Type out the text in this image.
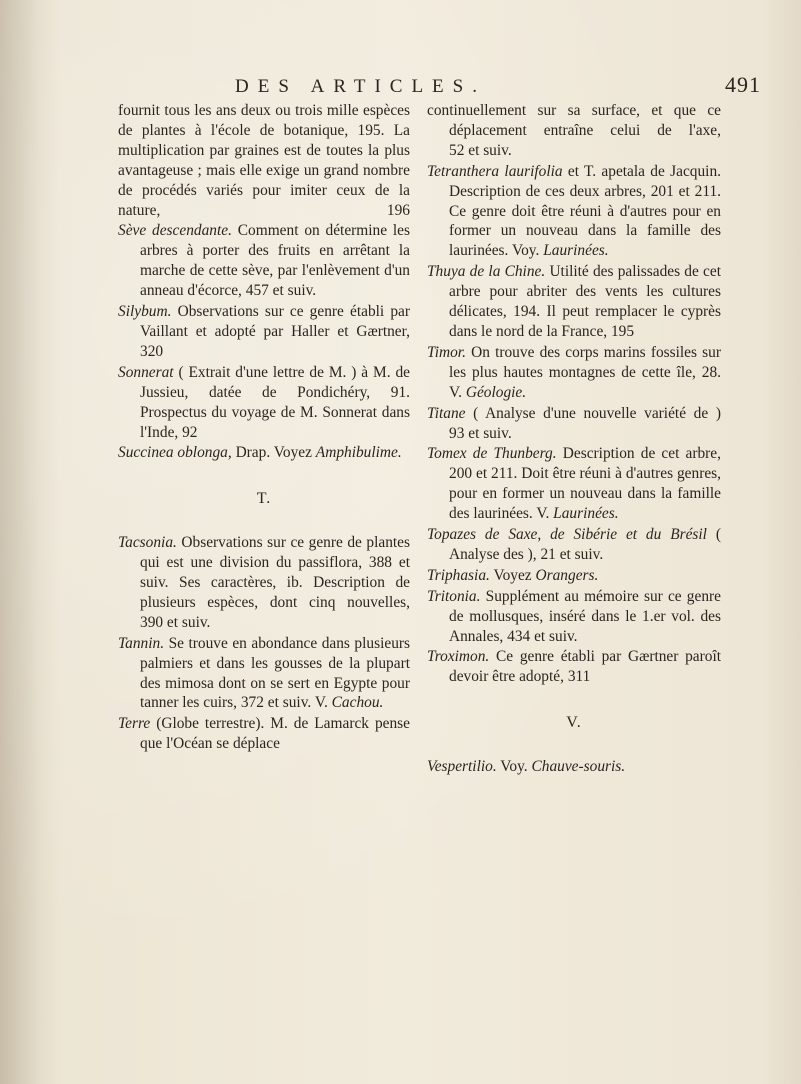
DES ARTICLES.	491

fournit tous les ans deux ou trois mille espèces de plantes à l'école de botanique, 195. La multiplication par graines est de toutes la plus avantageuse ; mais elle exige un grand nombre de procédés variés pour imiter ceux de la nature,	196

Sève descendante. Comment on détermine les arbres à porter des fruits en arrêtant la marche de cette sève, par l'enlèvement d'un anneau d'écorce, 457 et suiv.

Silybum. Observations sur ce genre établi par Vaillant et adopté par Haller et Gærtner, 320

Sonnerat ( Extrait d'une lettre de M. ) à M. de Jussieu, datée de Pondichéry, 91. Prospectus du voyage de M. Sonnerat dans l'Inde, 92

Succinea oblonga, Drap. Voyez Amphibulime.

T.

Tacsonia. Observations sur ce genre de plantes qui est une division du passiflora, 388 et suiv. Ses caractères, ib. Description de plusieurs espèces, dont cinq nouvelles, 390 et suiv.

Tannin. Se trouve en abondance dans plusieurs palmiers et dans les gousses de la plupart des mimosa dont on se sert en Egypte pour tanner les cuirs, 372 et suiv. V. Cachou.

Terre (Globe terrestre). M. de Lamarck pense que l'Océan se déplace

continuellement sur sa surface, et que ce déplacement entraîne celui de l'axe, 52 et suiv.

Tetranthera laurifolia et T. apetala de Jacquin. Description de ces deux arbres, 201 et 211. Ce genre doit être réuni à d'autres pour en former un nouveau dans la famille des laurinées. Voy. Laurinées.

Thuya de la Chine. Utilité des palissades de cet arbre pour abriter des vents les cultures délicates, 194. Il peut remplacer le cyprès dans le nord de la France, 195

Timor. On trouve des corps marins fossiles sur les plus hautes montagnes de cette île, 28. V. Géologie.

Titane ( Analyse d'une nouvelle variété de ) 93 et suiv.

Tomex de Thunberg. Description de cet arbre, 200 et 211. Doit être réuni à d'autres genres, pour en former un nouveau dans la famille des laurinées. V. Laurinées.

Topazes de Saxe, de Sibérie et du Brésil ( Analyse des ), 21 et suiv.

Triphasia. Voyez Orangers.

Tritonia. Supplément au mémoire sur ce genre de mollusques, inséré dans le 1.er vol. des Annales, 434 et suiv.

Troximon. Ce genre établi par Gærtner paroît devoir être adopté, 311

V.

Vespertilio. Voy. Chauve-souris.
